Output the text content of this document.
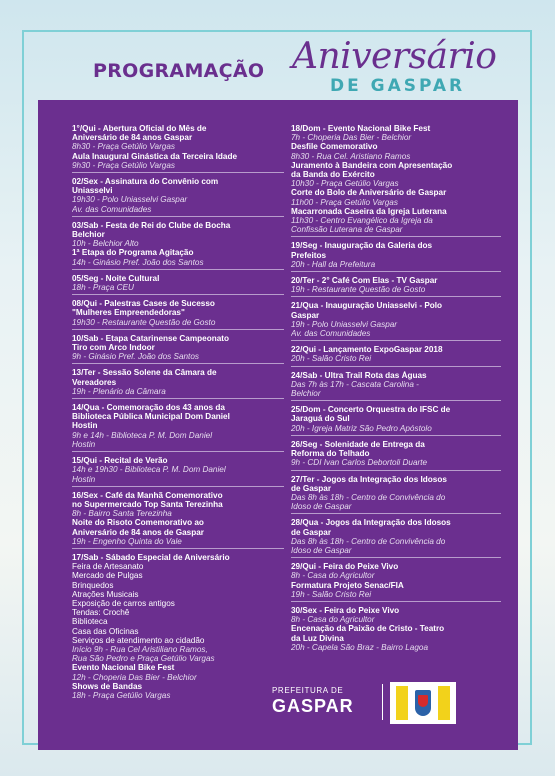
PROGRAMAÇÃO Aniversário
DE GASPAR
1°/Qui - Abertura Oficial do Mês de
Aniversário de 84 anos Gaspar
8h30 - Praça Getúlio Vargas
Aula Inaugural Ginástica da Terceira Idade
9h30 - Praça Getúlio Vargas
02/Sex - Assinatura do Convênio com
Uniasselvi
19h30 - Polo Uniasselvi Gaspar
Av. das Comunidades
03/Sab - Festa de Rei do Clube de Bocha
Belchior
10h - Belchior Alto
1ª Etapa do Programa Agitação
14h - Ginásio Pref. João dos Santos
05/Seg - Noite Cultural
18h - Praça CEU
08/Qui - Palestras Cases de Sucesso
"Mulheres Empreendedoras"
19h30 - Restaurante Questão de Gosto
10/Sab - Etapa Catarinense Campeonato
Tiro com Arco Indoor
9h - Ginásio Pref. João dos Santos
13/Ter - Sessão Solene da Câmara de
Vereadores
19h - Plenário da Câmara
14/Qua - Comemoração dos 43 anos da
Biblioteca Pública Municipal Dom Daniel
Hostin
9h e 14h - Biblioteca P. M. Dom Daniel
Hostin
15/Qui - Recital de Verão
14h e 19h30 - Biblioteca P. M. Dom Daniel
Hostin
16/Sex - Café da Manhã Comemorativo
no Supermercado Top Santa Terezinha
8h - Bairro Santa Terezinha
Noite do Risoto Comemorativo ao
Aniversário de 84 anos de Gaspar
19h - Engenho Quinta do Vale
17/Sab - Sábado Especial de Aniversário
Feira de Artesanato
Mercado de Pulgas
Brinquedos
Atrações Musicais
Exposição de carros antigos
Tendas: Crochê
Biblioteca
Casa das Oficinas
Serviços de atendimento ao cidadão
Início 9h - Rua Cel Aristiliano Ramos,
Rua São Pedro e Praça Getúlio Vargas
Evento Nacional Bike Fest
12h - Choperia Das Bier - Belchior
Shows de Bandas
18h - Praça Getúlio Vargas
18/Dom - Evento Nacional Bike Fest
7h - Choperia Das Bier - Belchior
Desfile Comemorativo
8h30 - Rua Cel. Aristiano Ramos
Juramento à Bandeira com Apresentação
da Banda do Exército
10h30 - Praça Getúlio Vargas
Corte do Bolo de Aniversário de Gaspar
11h00 - Praça Getúlio Vargas
Macarronada Caseira da Igreja Luterana
11h30 - Centro Evangélico da Igreja da
Confissão Luterana de Gaspar
19/Seg - Inauguração da Galeria dos
Prefeitos
20h - Hall da Prefeitura
20/Ter - 2° Café Com Elas - TV Gaspar
19h - Restaurante Questão de Gosto
21/Qua - Inauguração Uniasselvi - Polo
Gaspar
19h - Polo Uniasselvi Gaspar
Av. das Comunidades
22/Qui - Lançamento ExpoGaspar 2018
20h - Salão Cristo Rei
24/Sab - Ultra Trail Rota das Águas
Das 7h às 17h - Cascata Carolina -
Belchior
25/Dom - Concerto Orquestra do IFSC de
Jaraguá do Sul
20h - Igreja Matriz São Pedro Apóstolo
26/Seg - Solenidade de Entrega da
Reforma do Telhado
9h - CDI Ivan Carlos Debortoli Duarte
27/Ter - Jogos da Integração dos Idosos
de Gaspar
Das 8h às 18h - Centro de Convivência do
Idoso de Gaspar
28/Qua - Jogos da Integração dos Idosos
de Gaspar
Das 8h às 18h - Centro de Convivência do
Idoso de Gaspar
29/Qui - Feira do Peixe Vivo
8h - Casa do Agricultor
Formatura Projeto Senac/FIA
19h - Salão Cristo Rei
30/Sex - Feira do Peixe Vivo
8h - Casa do Agricultor
Encenação da Paixão de Cristo - Teatro
da Luz Divina
20h - Capela São Braz - Bairro Lagoa
PREFEITURA DE
GASPAR
